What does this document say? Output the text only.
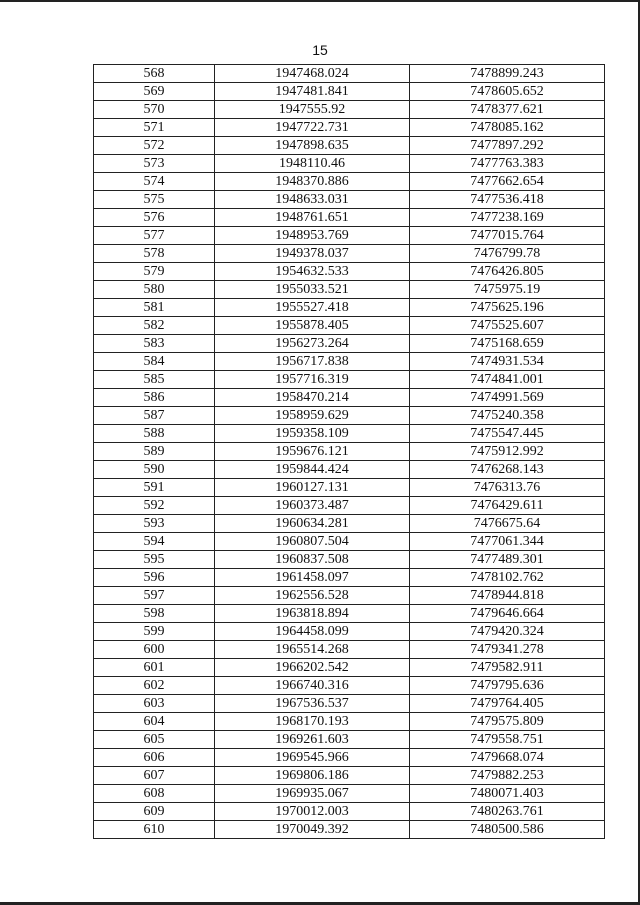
15
568	1947468.024	7478899.243
569	1947481.841	7478605.652
570	1947555.92	7478377.621
571	1947722.731	7478085.162
572	1947898.635	7477897.292
573	1948110.46	7477763.383
574	1948370.886	7477662.654
575	1948633.031	7477536.418
576	1948761.651	7477238.169
577	1948953.769	7477015.764
578	1949378.037	7476799.78
579	1954632.533	7476426.805
580	1955033.521	7475975.19
581	1955527.418	7475625.196
582	1955878.405	7475525.607
583	1956273.264	7475168.659
584	1956717.838	7474931.534
585	1957716.319	7474841.001
586	1958470.214	7474991.569
587	1958959.629	7475240.358
588	1959358.109	7475547.445
589	1959676.121	7475912.992
590	1959844.424	7476268.143
591	1960127.131	7476313.76
592	1960373.487	7476429.611
593	1960634.281	7476675.64
594	1960807.504	7477061.344
595	1960837.508	7477489.301
596	1961458.097	7478102.762
597	1962556.528	7478944.818
598	1963818.894	7479646.664
599	1964458.099	7479420.324
600	1965514.268	7479341.278
601	1966202.542	7479582.911
602	1966740.316	7479795.636
603	1967536.537	7479764.405
604	1968170.193	7479575.809
605	1969261.603	7479558.751
606	1969545.966	7479668.074
607	1969806.186	7479882.253
608	1969935.067	7480071.403
609	1970012.003	7480263.761
610	1970049.392	7480500.586
